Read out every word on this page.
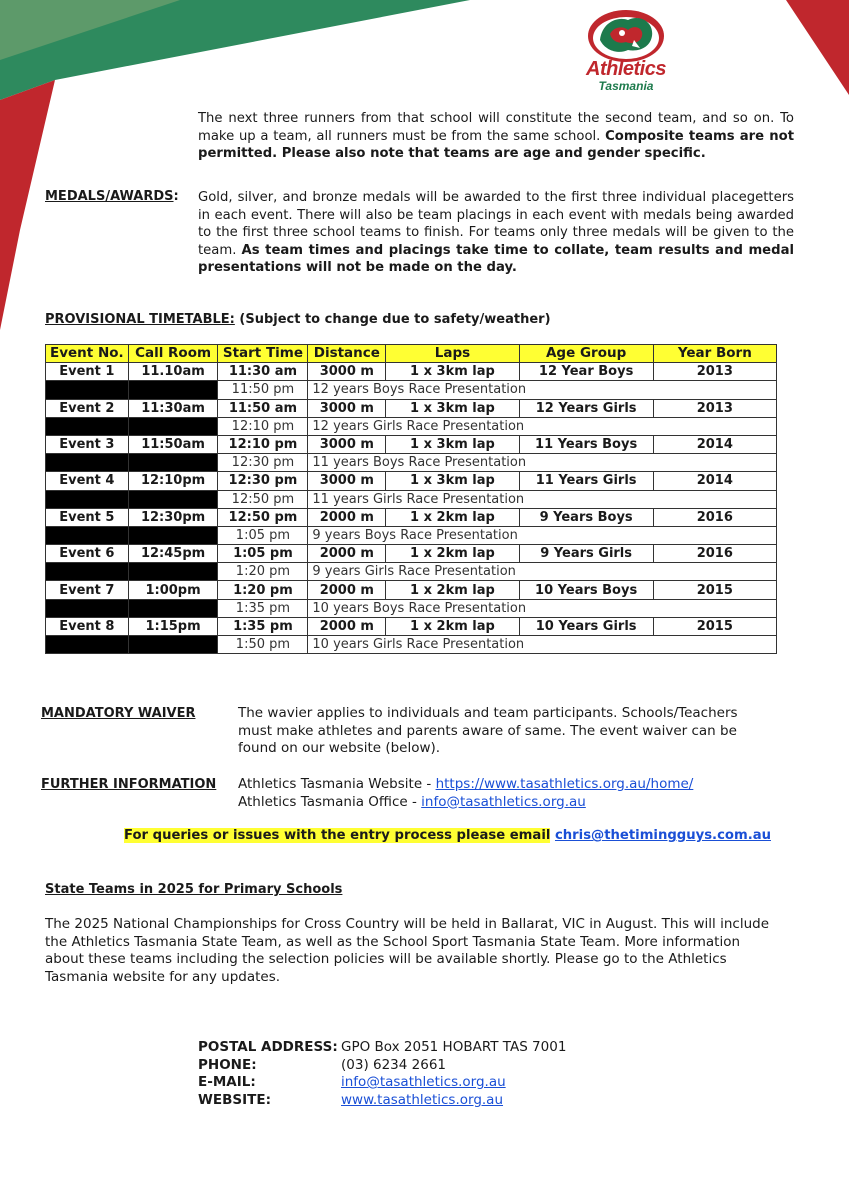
Athletics
Tasmania
The next three runners from that school will constitute the second team, and so on. To make up a team, all runners must be from the same school. Composite teams are not permitted. Please also note that teams are age and gender specific.
MEDALS/AWARDS: Gold, silver, and bronze medals will be awarded to the first three individual placegetters in each event. There will also be team placings in each event with medals being awarded to the first three school teams to finish. For teams only three medals will be given to the team. As team times and placings take time to collate, team results and medal presentations will not be made on the day.
PROVISIONAL TIMETABLE: (Subject to change due to safety/weather)
Event No.	Call Room	Start Time	Distance	Laps	Age Group	Year Born
Event 1	11.10am	11:30 am	3000 m	1 x 3km lap	12 Year Boys	2013
		11:50 pm	12 years Boys Race Presentation			
Event 2	11:30am	11:50 am	3000 m	1 x 3km lap	12 Years Girls	2013
		12:10 pm	12 years Girls Race Presentation			
Event 3	11:50am	12:10 pm	3000 m	1 x 3km lap	11 Years Boys	2014
		12:30 pm	11 years Boys Race Presentation			
Event 4	12:10pm	12:30 pm	3000 m	1 x 3km lap	11 Years Girls	2014
		12:50 pm	11 years Girls Race Presentation			
Event 5	12:30pm	12:50 pm	2000 m	1 x 2km lap	9 Years Boys	2016
		1:05 pm	9 years Boys Race Presentation			
Event 6	12:45pm	1:05 pm	2000 m	1 x 2km lap	9 Years Girls	2016
		1:20 pm	9 years Girls Race Presentation			
Event 7	1:00pm	1:20 pm	2000 m	1 x 2km lap	10 Years Boys	2015
		1:35 pm	10 years Boys Race Presentation			
Event 8	1:15pm	1:35 pm	2000 m	1 x 2km lap	10 Years Girls	2015
		1:50 pm	10 years Girls Race Presentation			
MANDATORY WAIVER	The wavier applies to individuals and team participants. Schools/Teachers must make athletes and parents aware of same. The event waiver can be found on our website (below).
FURTHER INFORMATION Athletics Tasmania Website - https://www.tasathletics.org.au/home/
Athletics Tasmania Office - info@tasathletics.org.au
For queries or issues with the entry process please email chris@thetimingguys.com.au
State Teams in 2025 for Primary Schools
The 2025 National Championships for Cross Country will be held in Ballarat, VIC in August. This will include the Athletics Tasmania State Team, as well as the School Sport Tasmania State Team. More information about these teams including the selection policies will be available shortly. Please go to the Athletics Tasmania website for any updates.
POSTAL ADDRESS: GPO Box 2051 HOBART TAS 7001
PHONE:	(03) 6234 2661
E-MAIL:	info@tasathletics.org.au
WEBSITE:	www.tasathletics.org.au
